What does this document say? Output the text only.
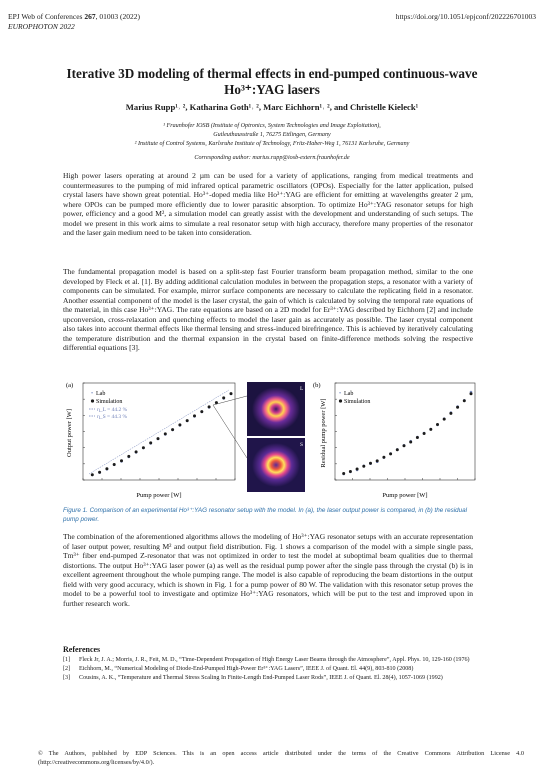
EPJ Web of Conferences 267, 01003 (2022)
EUROPHOTON 2022
https://doi.org/10.1051/epjconf/202226701003
Iterative 3D modeling of thermal effects in end-pumped continuous-wave
Ho³⁺:YAG lasers
Marius Rupp¹˒ ², Katharina Goth¹˒ ², Marc Eichhorn¹˒ ², and Christelle Kieleck¹
¹ Fraunhofer IOSB (Institute of Optronics, System Technologies and Image Exploitation),
Gutleuthausstraße 1, 76275 Ettlingen, Germany
² Institute of Control Systems, Karlsruhe Institute of Technology, Fritz-Haber-Weg 1, 76131 Karlsruhe, Germany
Corresponding author: marius.rupp@iosb-extern.fraunhofer.de
High power lasers operating at around 2 µm can be used for a variety of applications, ranging from medical treatments and countermeasures to the pumping of mid infrared optical parametric oscillators (OPOs). Especially for the latter application, pulsed crystal lasers have shown great potential. Ho³⁺-doped media like Ho³⁺:YAG are efficient for emitting at wavelengths greater 2 µm, where OPOs can be pumped more efficiently due to lower parasitic absorption. To optimize Ho³⁺:YAG resonator setups for high power, efficiency and a good M², a simulation model can greatly assist with the development and understanding of such setups. The model we present in this work aims to simulate a real resonator setup with high accuracy, therefore many properties of the resonator and the laser gain medium need to be taken into consideration.
The fundamental propagation model is based on a split-step fast Fourier transform beam propagation method, similar to the one developed by Fleck et al. [1]. By adding additional calculation modules in between the propagation steps, a resonator with a variety of components can be simulated. For example, mirror surface components are necessary to calculate the replicating field in a resonator. Another essential component of the model is the laser crystal, the gain of which is calculated by solving the temporal rate equations of the material, in this case Ho³⁺:YAG. The rate equations are based on a 2D model for Er³⁺:YAG described by Eichhorn [2] and include upconversion, cross-relaxation and quenching effects to model the laser gain as accurately as possible. The laser crystal component also takes into account thermal effects like thermal lensing and stress-induced birefringence. This is achieved by iteratively calculating the temperature distribution and the thermal expansion in the crystal based on finite-difference methods solving the respective differential equations [3].
(a)
Pump power [W]
Output power [W]
• Lab
Simulation
η_L = 44.2 %
η_S = 44.3 %
L
S
(b)
• Lab
Simulation
Pump power [W]
Residual pump power [W]
Figure 1. Comparison of an experimental Ho³⁺:YAG resonator setup with the model. In (a), the laser output power is compared, in (b) the residual pump power.
The combination of the aforementioned algorithms allows the modeling of Ho³⁺:YAG resonator setups with an accurate representation of laser output power, resulting M² and output field distribution. Fig. 1 shows a comparison of the model with a simple single pass, Tm³⁺ fiber end-pumped Z-resonator that was not optimized in order to test the model at suboptimal beam qualities due to thermal distortions. The output Ho³⁺:YAG laser power (a) as well as the residual pump power after the single pass through the crystal (b) is in excellent agreement throughout the whole pumping range. The model is also capable of reproducing the beam distortions in the output field with very good accuracy, which is shown in Fig. 1 for a pump power of 80 W. The validation with this resonator setup proves the model to be a powerful tool to investigate and optimize Ho³⁺:YAG resonators, which will be put to the test and improved upon in further research work.
References
[1]	Fleck Jr, J. A.; Morris, J. R., Feit, M. D., “Time-Dependent Propagation of High Energy Laser Beams through the Atmosphere”, Appl. Phys. 10, 129-160 (1976)
[2]	Eichhorn, M., “Numerical Modeling of Diode-End-Pumped High-Power Er³⁺:YAG Lasers”, IEEE J. of Quant. El. 44(9), 803-810 (2008)
[3]	Cousins, A. K., “Temperature and Thermal Stress Scaling In Finite-Length End-Pumped Laser Rods”, IEEE J. of Quant. El. 28(4), 1057-1069 (1992)
© The Authors, published by EDP Sciences. This is an open access article distributed under the terms of the Creative Commons Attribution License 4.0 (http://creativecommons.org/licenses/by/4.0/).
